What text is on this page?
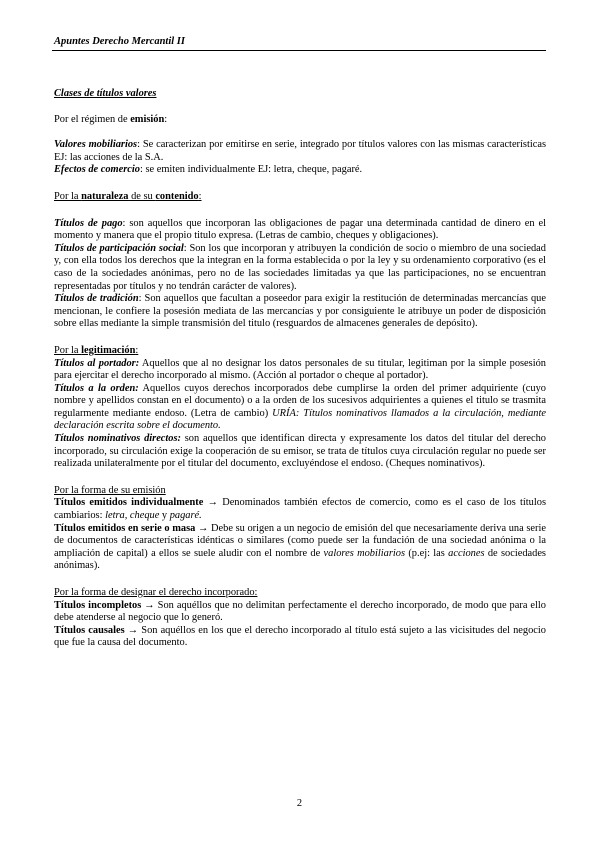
Apuntes Derecho Mercantil II

Clases de títulos valores

Por el régimen de emisión:

Valores mobiliarios: Se caracterizan por emitirse en serie, integrado por títulos valores con las mismas características EJ: las acciones de la S.A.

Efectos de comercio: se emiten individualmente EJ: letra, cheque, pagaré.

Por la naturaleza de su contenido:

Títulos de pago: son aquellos que incorporan las obligaciones de pagar una determinada cantidad de dinero en el momento y manera que el propio titulo expresa. (Letras de cambio, cheques y obligaciones).

Títulos de participación social: Son los que incorporan y atribuyen la condición de socio o miembro de una sociedad y, con ella todos los derechos que la integran en la forma establecida o por la ley y su ordenamiento corporativo (es el caso de la sociedades anónimas, pero no de las sociedades limitadas ya que las participaciones, no se encuentran representadas por títulos y no tendrán carácter de valores).

Títulos de tradición: Son aquellos que facultan a poseedor para exigir la restitución de determinadas mercancías que mencionan, le confiere la posesión mediata de las mercancías y por consiguiente le atribuye un poder de disposición sobre ellas mediante la simple transmisión del titulo (resguardos de almacenes generales de depósito).

Por la legitimación:

Títulos al portador: Aquellos que al no designar los datos personales de su titular, legitiman por la simple posesión para ejercitar el derecho incorporado al mismo. (Acción al portador o cheque al portador).

Títulos a la orden: Aquellos cuyos derechos incorporados debe cumplirse la orden del primer adquiriente (cuyo nombre y apellidos constan en el documento) o a la orden de los sucesivos adquirientes a quienes el titulo se trasmita regularmente mediante endoso. (Letra de cambio) URÍA: Títulos nominativos llamados a la circulación, mediante declaración escrita sobre el documento.

Títulos nominativos directos: son aquellos que identifican directa y expresamente los datos del titular del derecho incorporado, su circulación exige la cooperación de su emisor, se trata de títulos cuya circulación regular no puede ser realizada unilateralmente por el titular del documento, excluyéndose el endoso. (Cheques nominativos).

Por la forma de su emisión

Títulos emitidos individualmente → Denominados también efectos de comercio, como es el caso de los títulos cambiarios: letra, cheque y pagaré.

Títulos emitidos en serie o masa → Debe su origen a un negocio de emisión del que necesariamente deriva una serie de documentos de características idénticas o similares (como puede ser la fundación de una sociedad anónima o la ampliación de capital) a ellos se suele aludir con el nombre de valores mobiliarios (p.ej: las acciones de sociedades anónimas).

Por la forma de designar el derecho incorporado:

Títulos incompletos → Son aquéllos que no delimitan perfectamente el derecho incorporado, de modo que para ello debe atenderse al negocio que lo generó.

Títulos causales → Son aquéllos en los que el derecho incorporado al título está sujeto a las vicisitudes del negocio que fue la causa del documento.

2
